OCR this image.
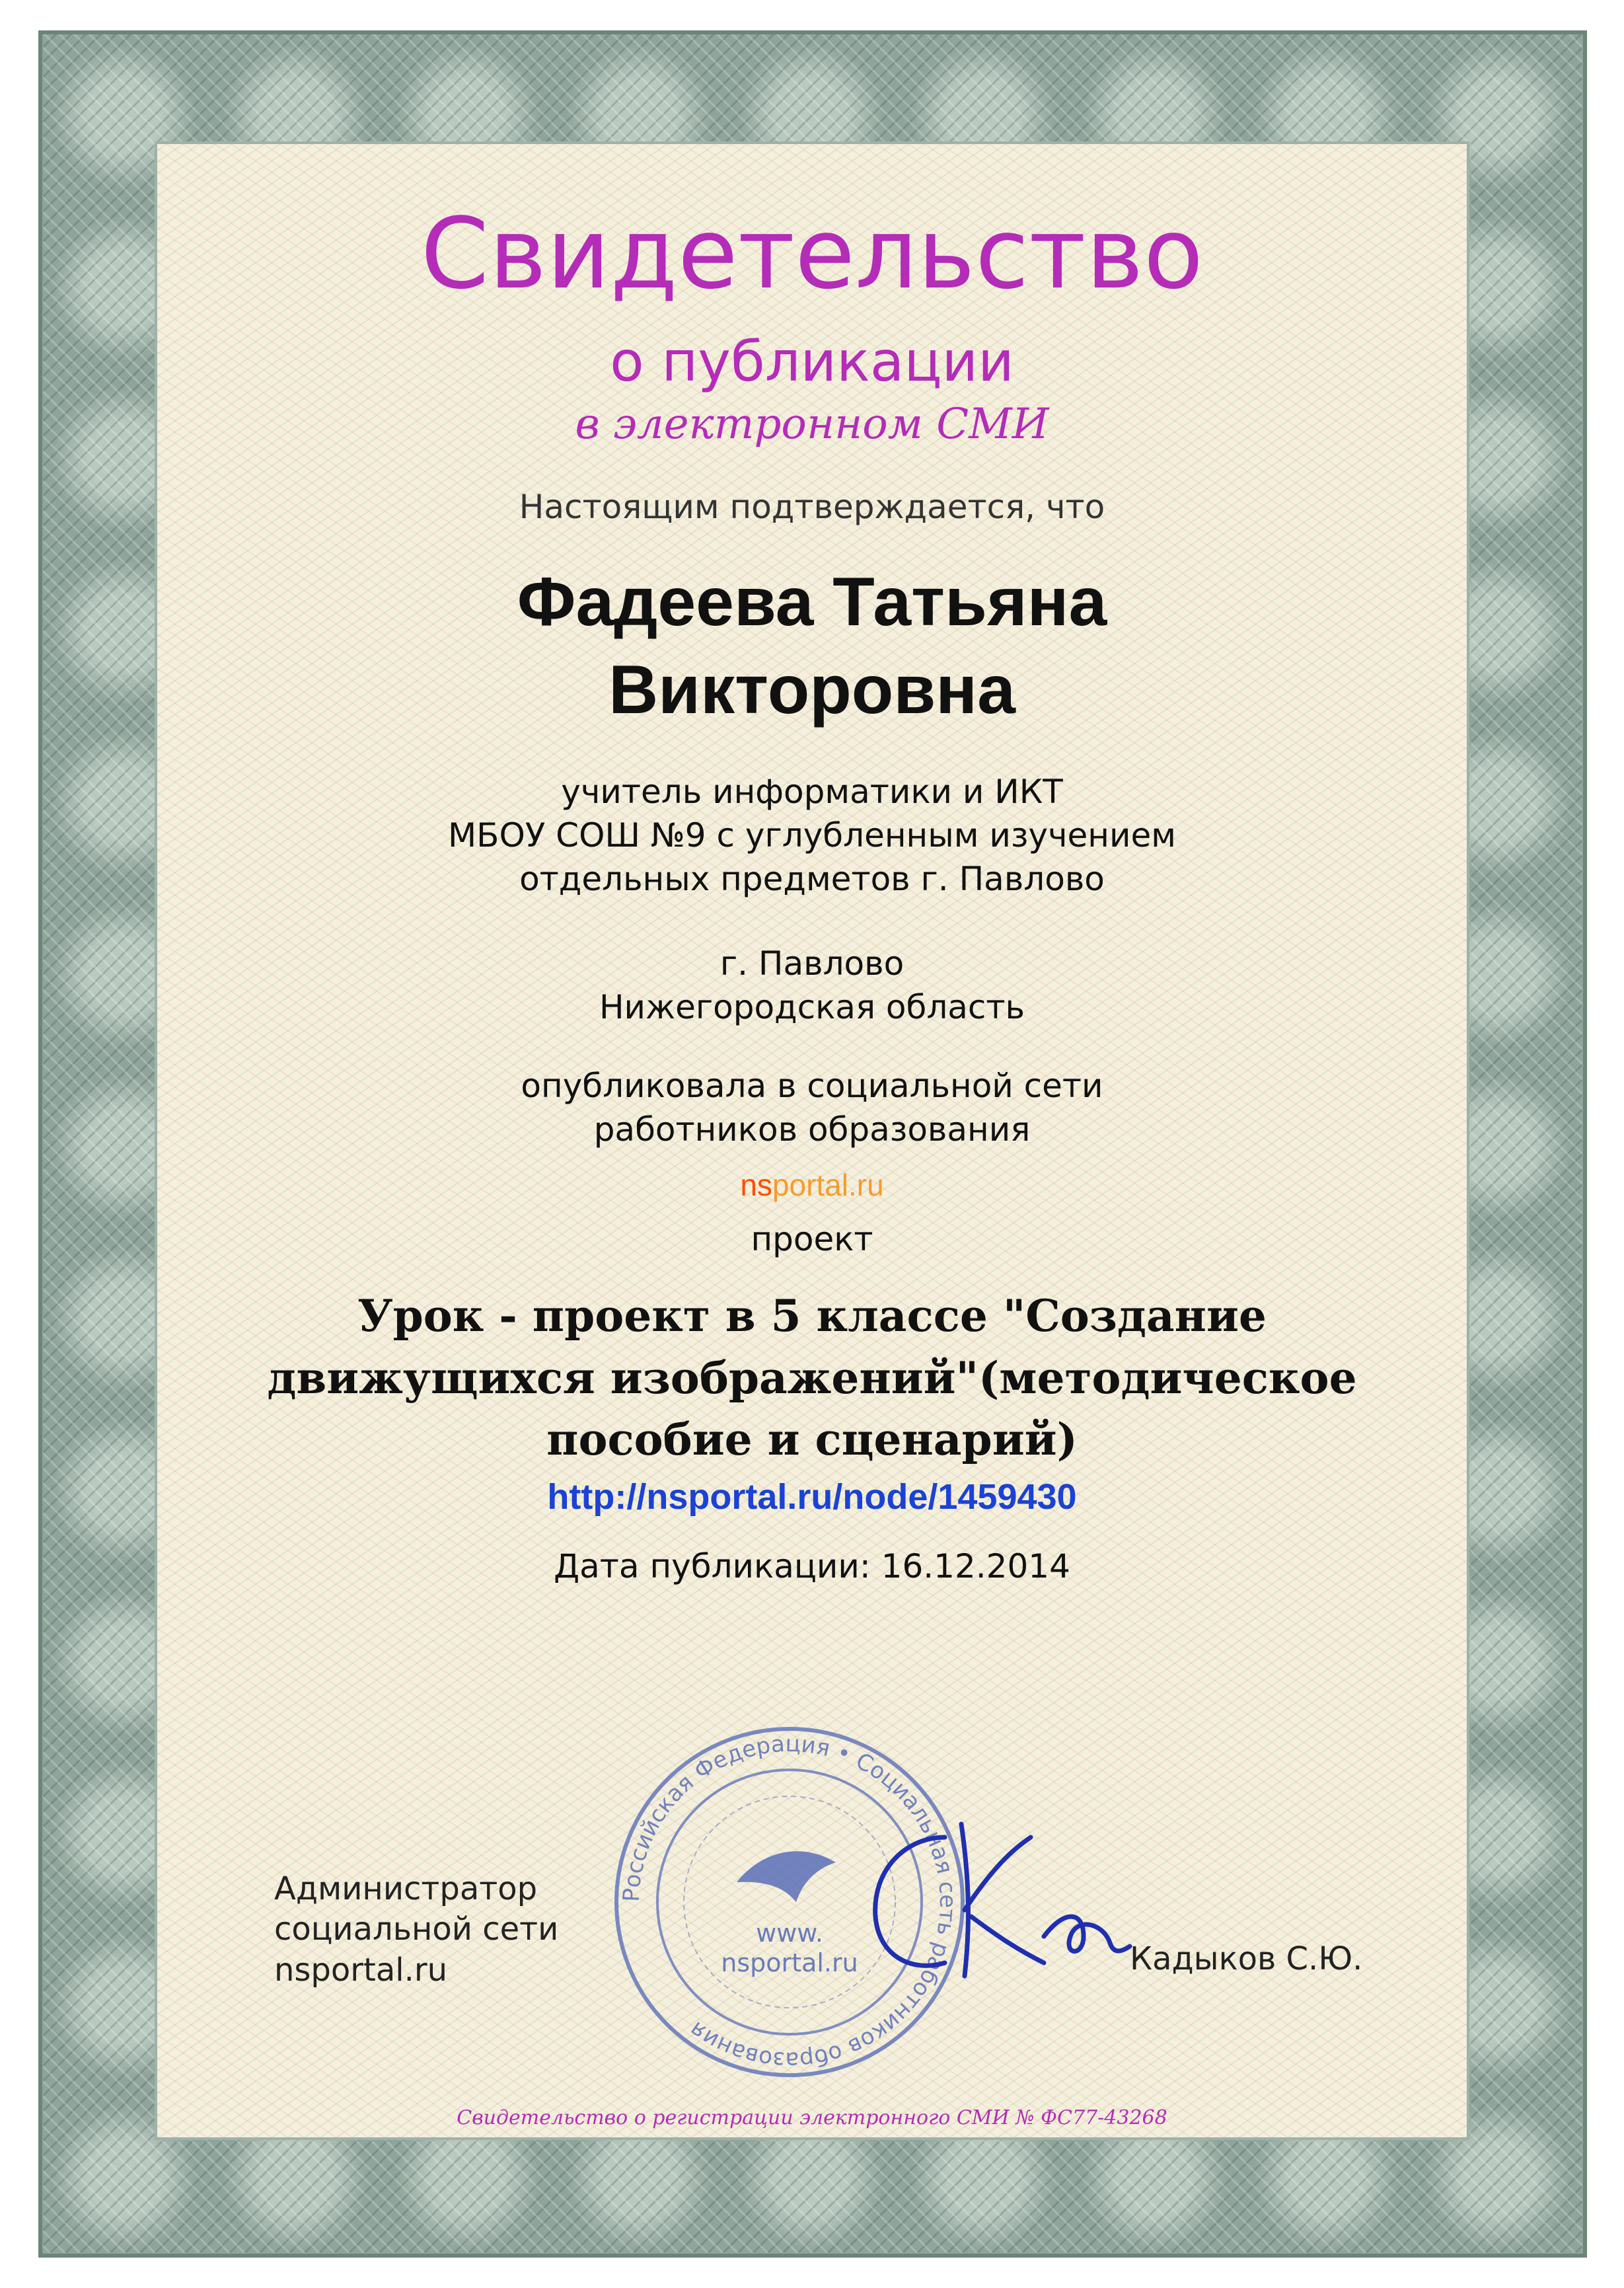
Свидетельство

о публикации

в электронном СМИ

Настоящим подтверждается, что

Фадеева Татьяна
Викторовна
учитель информатики и ИКТ
МБОУ СОШ №9 с углубленным изучением
отдельных предметов г. Павлово
г. Павлово
Нижегородская область
опубликовала в социальной сети
работников образования

nsportal.ru

проект

Урок - проект в 5 классе "Создание
движущихся изображений"(методическое
пособие и сценарий)

http://nsportal.ru/node/1459430

Дата публикации: 16.12.2014

Администратор
социальной сети
nsportal.ru
Российская Федерация • Социальная сеть работников образования
www.
nsportal.ru	Кадыков С.Ю.

Свидетельство о регистрации электронного СМИ № ФС77-43268
